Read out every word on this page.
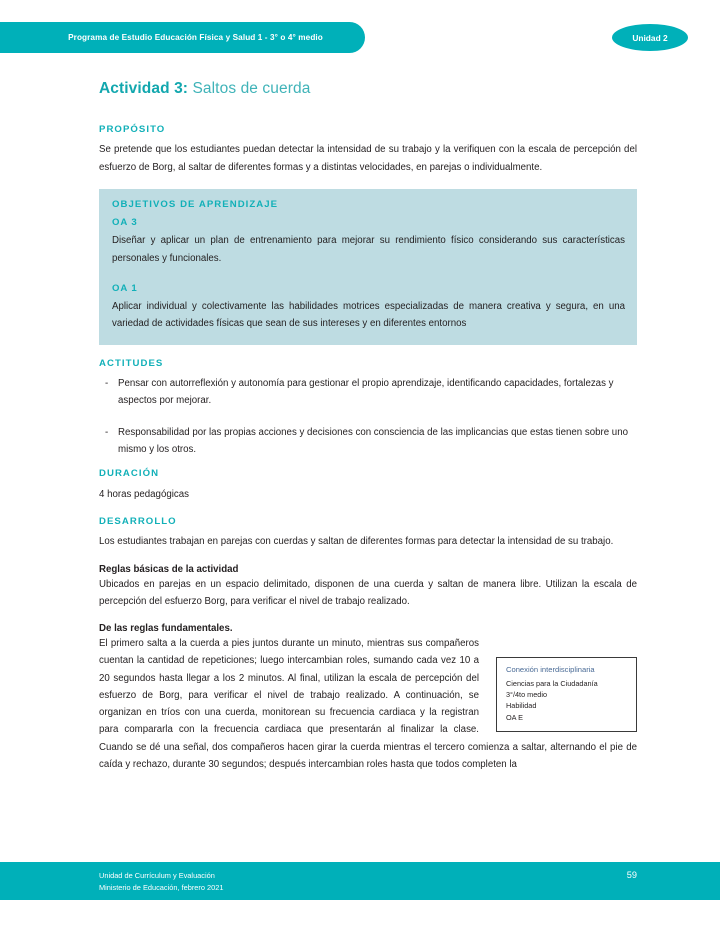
Programa de Estudio Educación Física y Salud 1 - 3° o 4° medio	Unidad 2
Actividad 3: Saltos de cuerda
PROPÓSITO

Se pretende que los estudiantes puedan detectar la intensidad de su trabajo y la verifiquen con la escala de percepción del esfuerzo de Borg, al saltar de diferentes formas y a distintas velocidades, en parejas o individualmente.

OBJETIVOS DE APRENDIZAJE
OA 3

Diseñar y aplicar un plan de entrenamiento para mejorar su rendimiento físico considerando sus características personales y funcionales.

OA 1

Aplicar individual y colectivamente las habilidades motrices especializadas de manera creativa y segura, en una variedad de actividades físicas que sean de sus intereses y en diferentes entornos

ACTITUDES
- Pensar con autorreflexión y autonomía para gestionar el propio aprendizaje, identificando capacidades, fortalezas y aspectos por mejorar.
- Responsabilidad por las propias acciones y decisiones con consciencia de las implicancias que estas tienen sobre uno mismo y los otros.
DURACIÓN

4 horas pedagógicas

DESARROLLO

Los estudiantes trabajan en parejas con cuerdas y saltan de diferentes formas para detectar la intensidad de su trabajo.

Reglas básicas de la actividad

Ubicados en parejas en un espacio delimitado, disponen de una cuerda y saltan de manera libre. Utilizan la escala de percepción del esfuerzo Borg, para verificar el nivel de trabajo realizado.

De las reglas fundamentales.
Conexión interdisciplinaria
Ciencias para la Ciudadanía
3°/4to medio
Habilidad
OA E

El primero salta a la cuerda a pies juntos durante un minuto, mientras sus compañeros cuentan la cantidad de repeticiones; luego intercambian roles, sumando cada vez 10 a 20 segundos hasta llegar a los 2 minutos. Al final, utilizan la escala de percepción del esfuerzo de Borg, para verificar el nivel de trabajo realizado. A continuación, se organizan en tríos con una cuerda, monitorean su frecuencia cardiaca y la registran para compararla con la frecuencia cardiaca que presentarán al finalizar la clase. Cuando se dé una señal, dos compañeros hacen girar la cuerda mientras el tercero comienza a saltar, alternando el pie de caída y rechazo, durante 30 segundos; después intercambian roles hasta que todos completen la

Unidad de Currículum y Evaluación
Ministerio de Educación, febrero 2021
59
